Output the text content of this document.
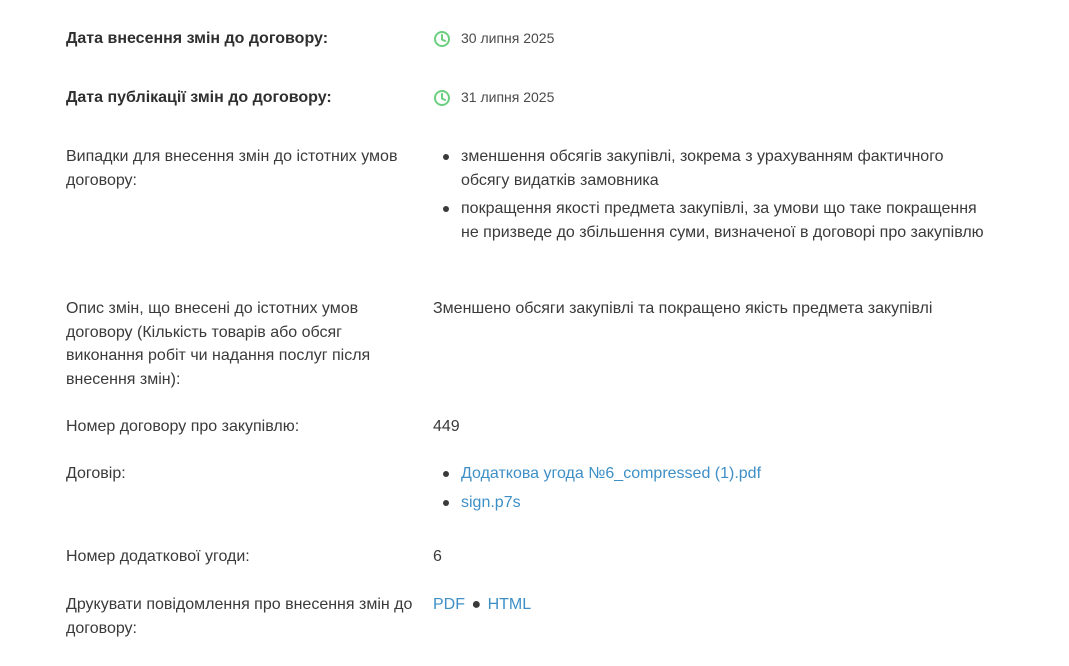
Дата внесення змін до договору:	30 липня 2025
Дата публікації змін до договору:	31 липня 2025
Випадки для внесення змін до істотних умов договору:
зменшення обсягів закупівлі, зокрема з урахуванням фактичного обсягу видатків замовника
покращення якості предмета закупівлі, за умови що таке покращення не призведе до збільшення суми, визначеної в договорі про закупівлю
Опис змін, що внесені до істотних умов договору (Кількість товарів або обсяг виконання робіт чи надання послуг після внесення змін):
Зменшено обсяги закупівлі та покращено якість предмета закупівлі
Номер договору про закупівлю:	449
Договір:	Додаткова угода №6_compressed (1).pdf
sign.p7s
Номер додаткової угоди:	6
Друкувати повідомлення про внесення змін до договору:
PDF ● HTML
